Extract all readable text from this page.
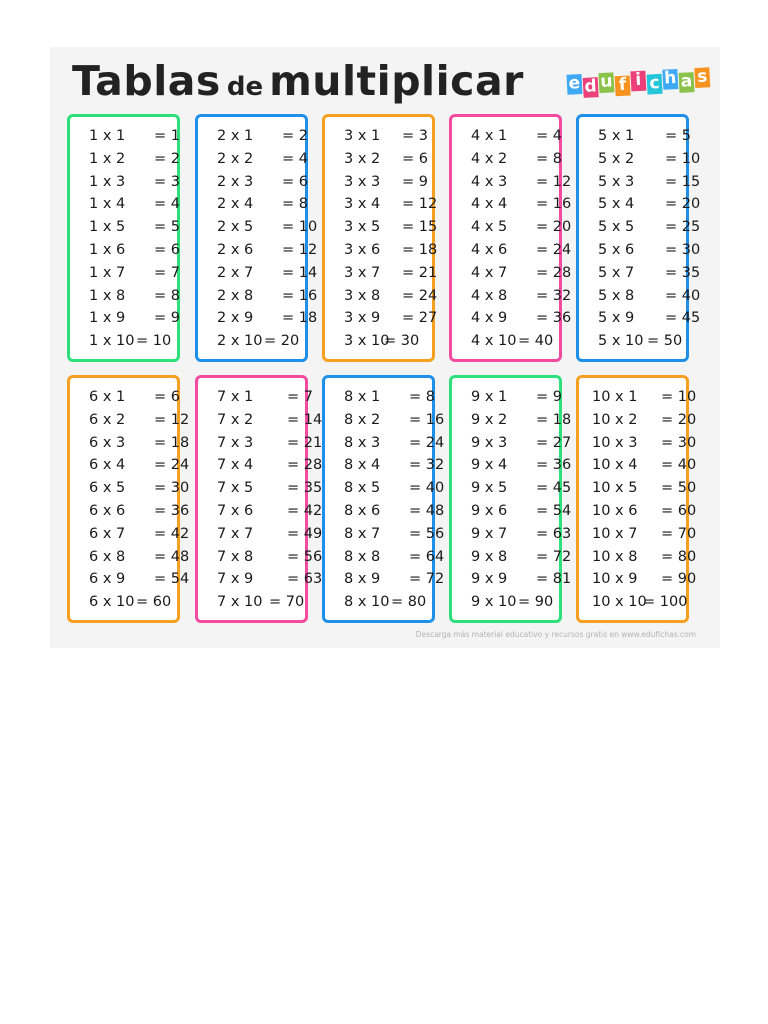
Tablas de multiplicar	e d u f i c h a s
1 x 1 = 1
1 x 2 = 2
1 x 3 = 3
1 x 4 = 4
1 x 5 = 5
1 x 6 = 6
1 x 7 = 7
1 x 8 = 8
1 x 9 = 9
1 x 10 = 10
2 x 1 = 2
2 x 2 = 4
2 x 3 = 6
2 x 4 = 8
2 x 5 = 10
2 x 6 = 12
2 x 7 = 14
2 x 8 = 16
2 x 9 = 18
2 x 10 = 20
3 x 1 = 3
3 x 2 = 6
3 x 3 = 9
3 x 4 = 12
3 x 5 = 15
3 x 6 = 18
3 x 7 = 21
3 x 8 = 24
3 x 9 = 27
3 x 10
= 30
4 x 1 = 4
4 x 2 = 8
4 x 3 = 12
4 x 4 = 16
4 x 5 = 20
4 x 6 = 24
4 x 7 = 28
4 x 8 = 32
4 x 9 = 36
4 x 10 = 40
5 x 1 = 5
5 x 2 = 10
5 x 3 = 15
5 x 4 = 20
5 x 5 = 25
5 x 6 = 30
5 x 7 = 35
5 x 8 = 40
5 x 9 = 45
5 x 10 = 50
6 x 1 = 6
6 x 2 = 12
6 x 3 = 18
6 x 4 = 24
6 x 5 = 30
6 x 6 = 36
6 x 7 = 42
6 x 8 = 48
6 x 9 = 54
6 x 10 = 60
7 x 1 = 7
7 x 2 = 14
7 x 3 = 21
7 x 4 = 28
7 x 5 = 35
7 x 6 = 42
7 x 7 = 49
7 x 8 = 56
7 x 9 = 63
7 x 10 = 70
8 x 1 = 8
8 x 2 = 16
8 x 3 = 24
8 x 4 = 32
8 x 5 = 40
8 x 6 = 48
8 x 7 = 56
8 x 8 = 64
8 x 9 = 72
8 x 10 = 80
9 x 1 = 9
9 x 2 = 18
9 x 3 = 27
9 x 4 = 36
9 x 5 = 45
9 x 6 = 54
9 x 7 = 63
9 x 8 = 72
9 x 9 = 81
9 x 10 = 90
10 x 1 = 10
10 x 2 = 20
10 x 3 = 30
10 x 4 = 40
10 x 5 = 50
10 x 6 = 60
10 x 7 = 70
10 x 8 = 80
10 x 9 = 90
10 x 10
= 100
Descarga más material educativo y recursos gratis en www.edufichas.com
